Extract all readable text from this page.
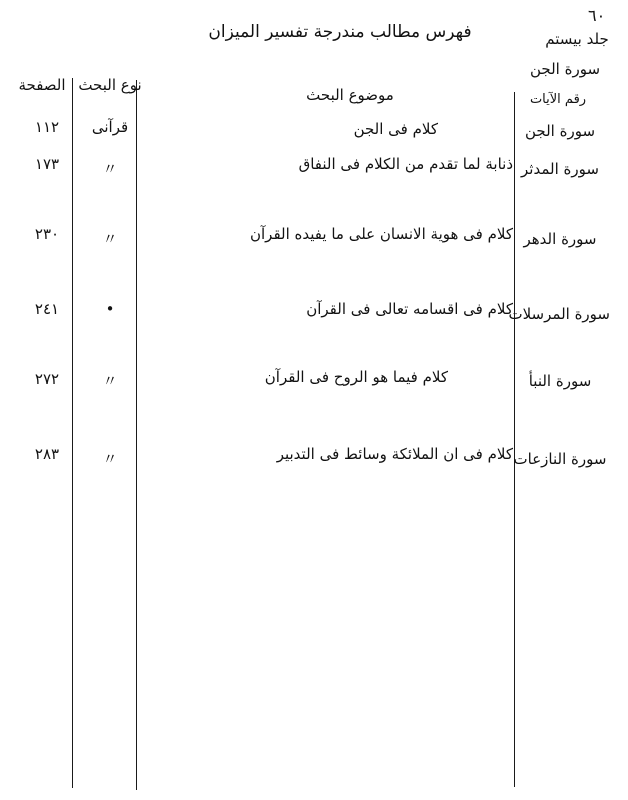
٦٠
فهرس مطالب مندرجة تفسير الميزان	جلد بیستم
سورة الجن
الصفحة نوع البحث
موضوع البحث	رقم الآيات
سورة الجن
كلام فى الجن
قرآنى
١١٢
سورة المدثر
ذنابة لما تقدم من الكلام فى النفاق
〃
١٧٣
سورة الدهر
كلام فى هوية الانسان على ما يفيده القرآن
〃
٢٣٠
سورة المرسلات
كلام فى اقسامه تعالى فى القرآن
•
٢٤١
سورة النبأ
كلام فيما هو الروح فى القرآن
〃
٢٧٢
سورة النازعات
كلام فى ان الملائكة وسائط فى التدبير
〃
٢٨٣
